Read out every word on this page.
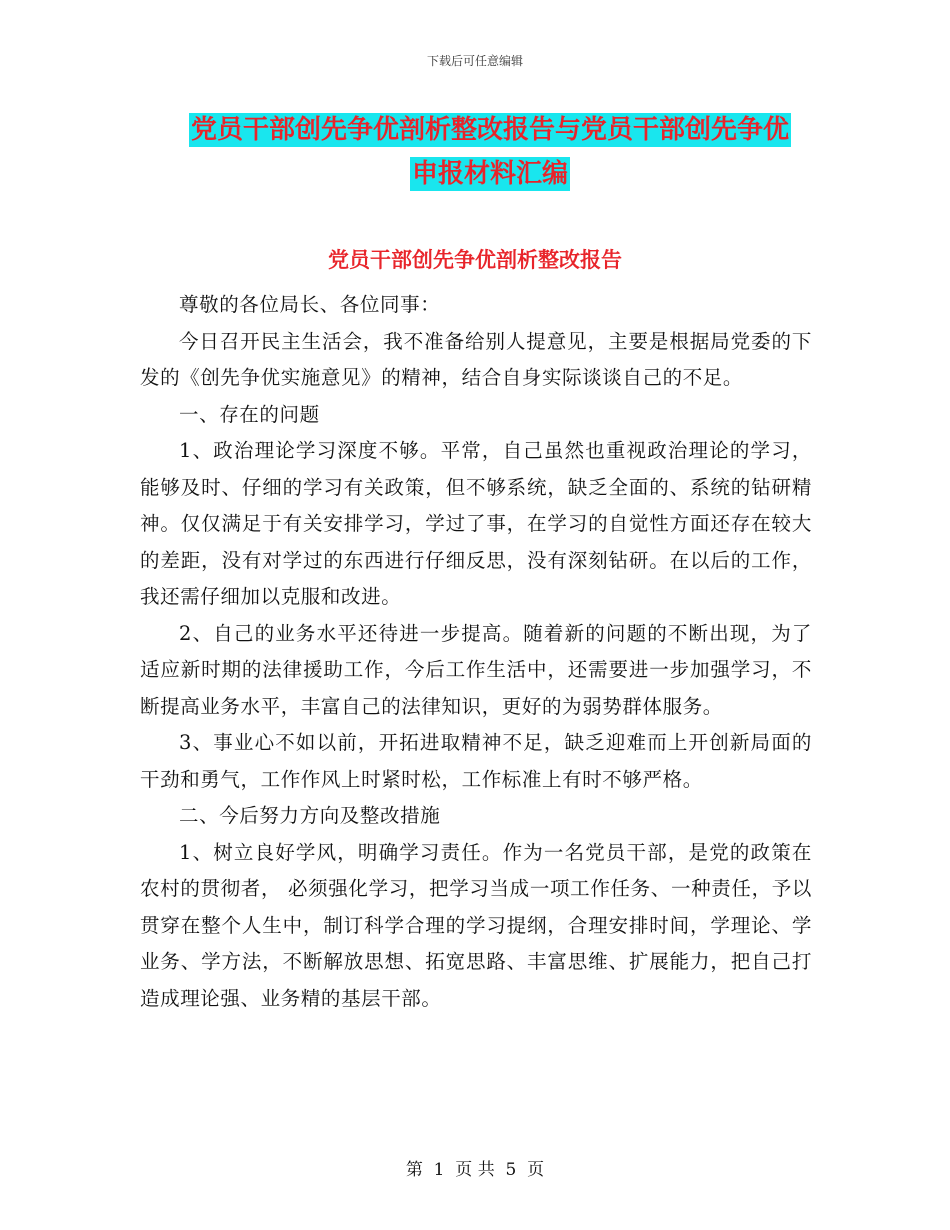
下载后可任意编辑
党员干部创先争优剖析整改报告与党员干部创先争优
申报材料汇编
党员干部创先争优剖析整改报告

尊敬的各位局长、各位同事：

今日召开民主生活会，我不准备给别人提意见，主要是根据局党委的下发的《创先争优实施意见》的精神，结合自身实际谈谈自己的不足。

一、存在的问题

1、政治理论学习深度不够。平常，自己虽然也重视政治理论的学习，能够及时、仔细的学习有关政策，但不够系统，缺乏全面的、系统的钻研精神。仅仅满足于有关安排学习，学过了事，在学习的自觉性方面还存在较大的差距，没有对学过的东西进行仔细反思，没有深刻钻研。在以后的工作，我还需仔细加以克服和改进。

2、自己的业务水平还待进一步提高。随着新的问题的不断出现，为了适应新时期的法律援助工作，今后工作生活中，还需要进一步加强学习，不断提高业务水平，丰富自己的法律知识，更好的为弱势群体服务。

3、事业心不如以前，开拓进取精神不足，缺乏迎难而上开创新局面的干劲和勇气，工作作风上时紧时松，工作标准上有时不够严格。

二、今后努力方向及整改措施

1、树立良好学风，明确学习责任。作为一名党员干部，是党的政策在农村的贯彻者， 必须强化学习，把学习当成一项工作任务、一种责任，予以贯穿在整个人生中，制订科学合理的学习提纲，合理安排时间，学理论、学业务、学方法，不断解放思想、拓宽思路、丰富思维、扩展能力，把自己打造成理论强、业务精的基层干部。

第 1 页 共 5 页
